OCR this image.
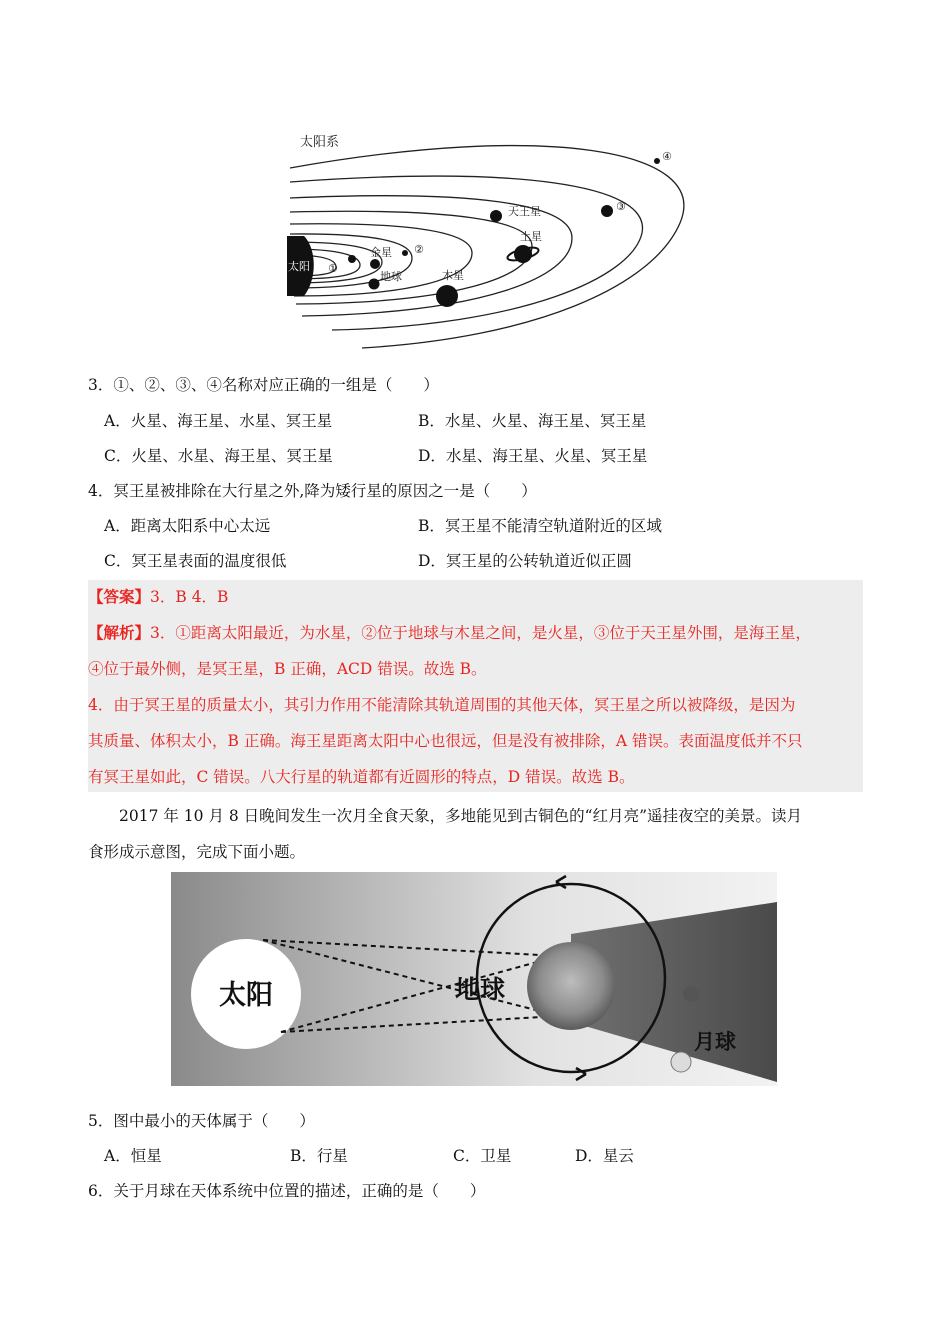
太阳系
太阳 ①
金星 ②
地球	木星
土星
天王星	③
④
3．①、②、③、④名称对应正确的一组是（　　）
A．火星、海王星、水星、冥王星	B．水星、火星、海王星、冥王星
C．火星、水星、海王星、冥王星	D．水星、海王星、火星、冥王星
4．冥王星被排除在大行星之外,降为矮行星的原因之一是（　　）
A．距离太阳系中心太远	B．冥王星不能清空轨道附近的区域
C．冥王星表面的温度很低	D．冥王星的公转轨道近似正圆
【答案】3．B 4．B
【解析】3．①距离太阳最近，为水星，②位于地球与木星之间，是火星，③位于天王星外围，是海王星，
④位于最外侧，是冥王星，B 正确，ACD 错误。故选 B。
4．由于冥王星的质量太小，其引力作用不能清除其轨道周围的其他天体，冥王星之所以被降级，是因为
其质量、体积太小，B 正确。海王星距离太阳中心也很远，但是没有被排除，A 错误。表面温度低并不只
有冥王星如此，C 错误。八大行星的轨道都有近圆形的特点，D 错误。故选 B。
2017 年 10 月 8 日晚间发生一次月全食天象，多地能见到古铜色的“红月亮”遥挂夜空的美景。读月
食形成示意图，完成下面小题。
太阳	地球
月球
5．图中最小的天体属于（　　）
A．恒星	B．行星	C．卫星	D．星云
6．关于月球在天体系统中位置的描述，正确的是（　　）
